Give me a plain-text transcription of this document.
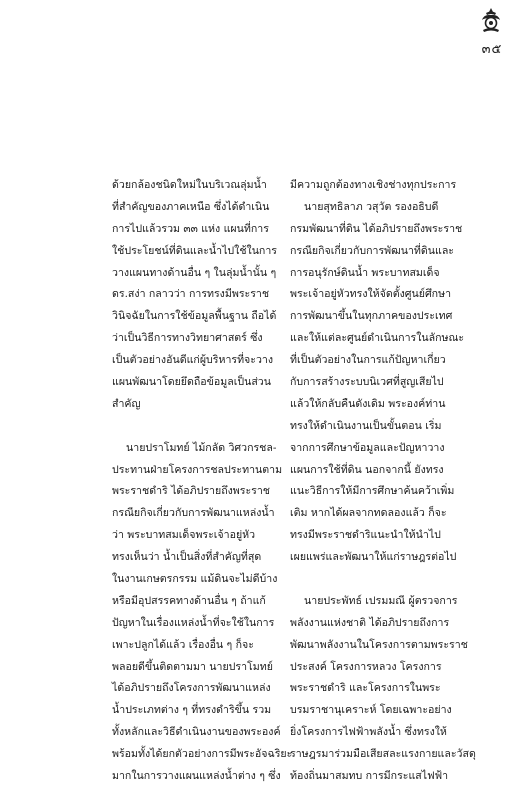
๓๕
ด้วยกล้องชนิดใหม่ในบริเวณลุ่มน้ำ
ที่สำคัญของภาคเหนือ ซึ่งได้ดำเนิน
การไปแล้วรวม ๓๓ แห่ง แผนที่การ
ใช้ประโยชน์ที่ดินและน้ำไปใช้ในการ
วางแผนทางด้านอื่น ๆ ในลุ่มน้ำนั้น ๆ
ดร.สง่า กลาวว่า การทรงมีพระราช
วินิจฉัยในการใช้ข้อมูลพื้นฐาน ถือได้
ว่าเป็นวิธีการทางวิทยาศาสตร์ ซึ่ง
เป็นตัวอย่างอันดีแก่ผู้บริหารที่จะวาง
แผนพัฒนาโดยยึดถือข้อมูลเป็นส่วน
สำคัญ
นายปราโมทย์ ไม้กลัด วิศวกรชล-
ประทานฝ่ายโครงการชลประทานตาม
พระราชดำริ ได้อภิปรายถึงพระราช
กรณียกิจเกี่ยวกับการพัฒนาแหล่งน้ำ
ว่า พระบาทสมเด็จพระเจ้าอยู่หัว
ทรงเห็นว่า น้ำเป็นสิ่งที่สำคัญที่สุด
ในงานเกษตรกรรม แม้ดินจะไม่ดีบ้าง
หรือมีอุปสรรคทางด้านอื่น ๆ ถ้าแก้
ปัญหาในเรื่องแหล่งน้ำที่จะใช้ในการ
เพาะปลูกได้แล้ว เรื่องอื่น ๆ ก็จะ
พลอยดีขึ้นติดตามมา นายปราโมทย์
ได้อภิปรายถึงโครงการพัฒนาแหล่ง
น้ำประเภทต่าง ๆ ที่ทรงดำริขึ้น รวม
ทั้งหลักและวิธีดำเนินงานของพระองค์
พร้อมทั้งได้ยกตัวอย่างการมีพระอัจฉริยะ
มากในการวางแผนแหล่งน้ำต่าง ๆ ซึ่ง
มีความถูกต้องทางเชิงช่างทุกประการ
นายสุทธิลาภ วสุวัต รองอธิบดี
กรมพัฒนาที่ดิน ได้อภิปรายถึงพระราช
กรณียกิจเกี่ยวกับการพัฒนาที่ดินและ
การอนุรักษ์ดินน้ำ พระบาทสมเด็จ
พระเจ้าอยู่หัวทรงให้จัดตั้งศูนย์ศึกษา
การพัฒนาขึ้นในทุกภาคของประเทศ
และให้แต่ละศูนย์ดำเนินการในลักษณะ
ที่เป็นตัวอย่างในการแก้ปัญหาเกี่ยว
กับการสร้างระบบนิเวศที่สูญเสียไป
แล้วให้กลับคืนดังเดิม พระองค์ท่าน
ทรงให้ดำเนินงานเป็นขั้นตอน เริ่ม
จากการศึกษาข้อมูลและปัญหาวาง
แผนการใช้ที่ดิน นอกจากนี้ ยังทรง
แนะวิธีการให้มีการศึกษาค้นคว้าเพิ่ม
เติม หากได้ผลจากทดลองแล้ว ก็จะ
ทรงมีพระราชดำริแนะนำให้นำไป
เผยแพร่และพัฒนาให้แก่ราษฎรต่อไป
นายประพัทธ์ เปรมมณี ผู้ตรวจการ
พลังงานแห่งชาติ ได้อภิปรายถึงการ
พัฒนาพลังงานในโครงการตามพระราช
ประสงค์ โครงการหลวง โครงการ
พระราชดำริ และโครงการในพระ
บรมราชานุเคราะห์ โดยเฉพาะอย่าง
ยิ่งโครงการไฟฟ้าพลังน้ำ ซึ่งทรงให้
ราษฎรมาร่วมมือเสียสละแรงกายและวัสดุ
ท้องถิ่นมาสมทบ การมีกระแสไฟฟ้า
